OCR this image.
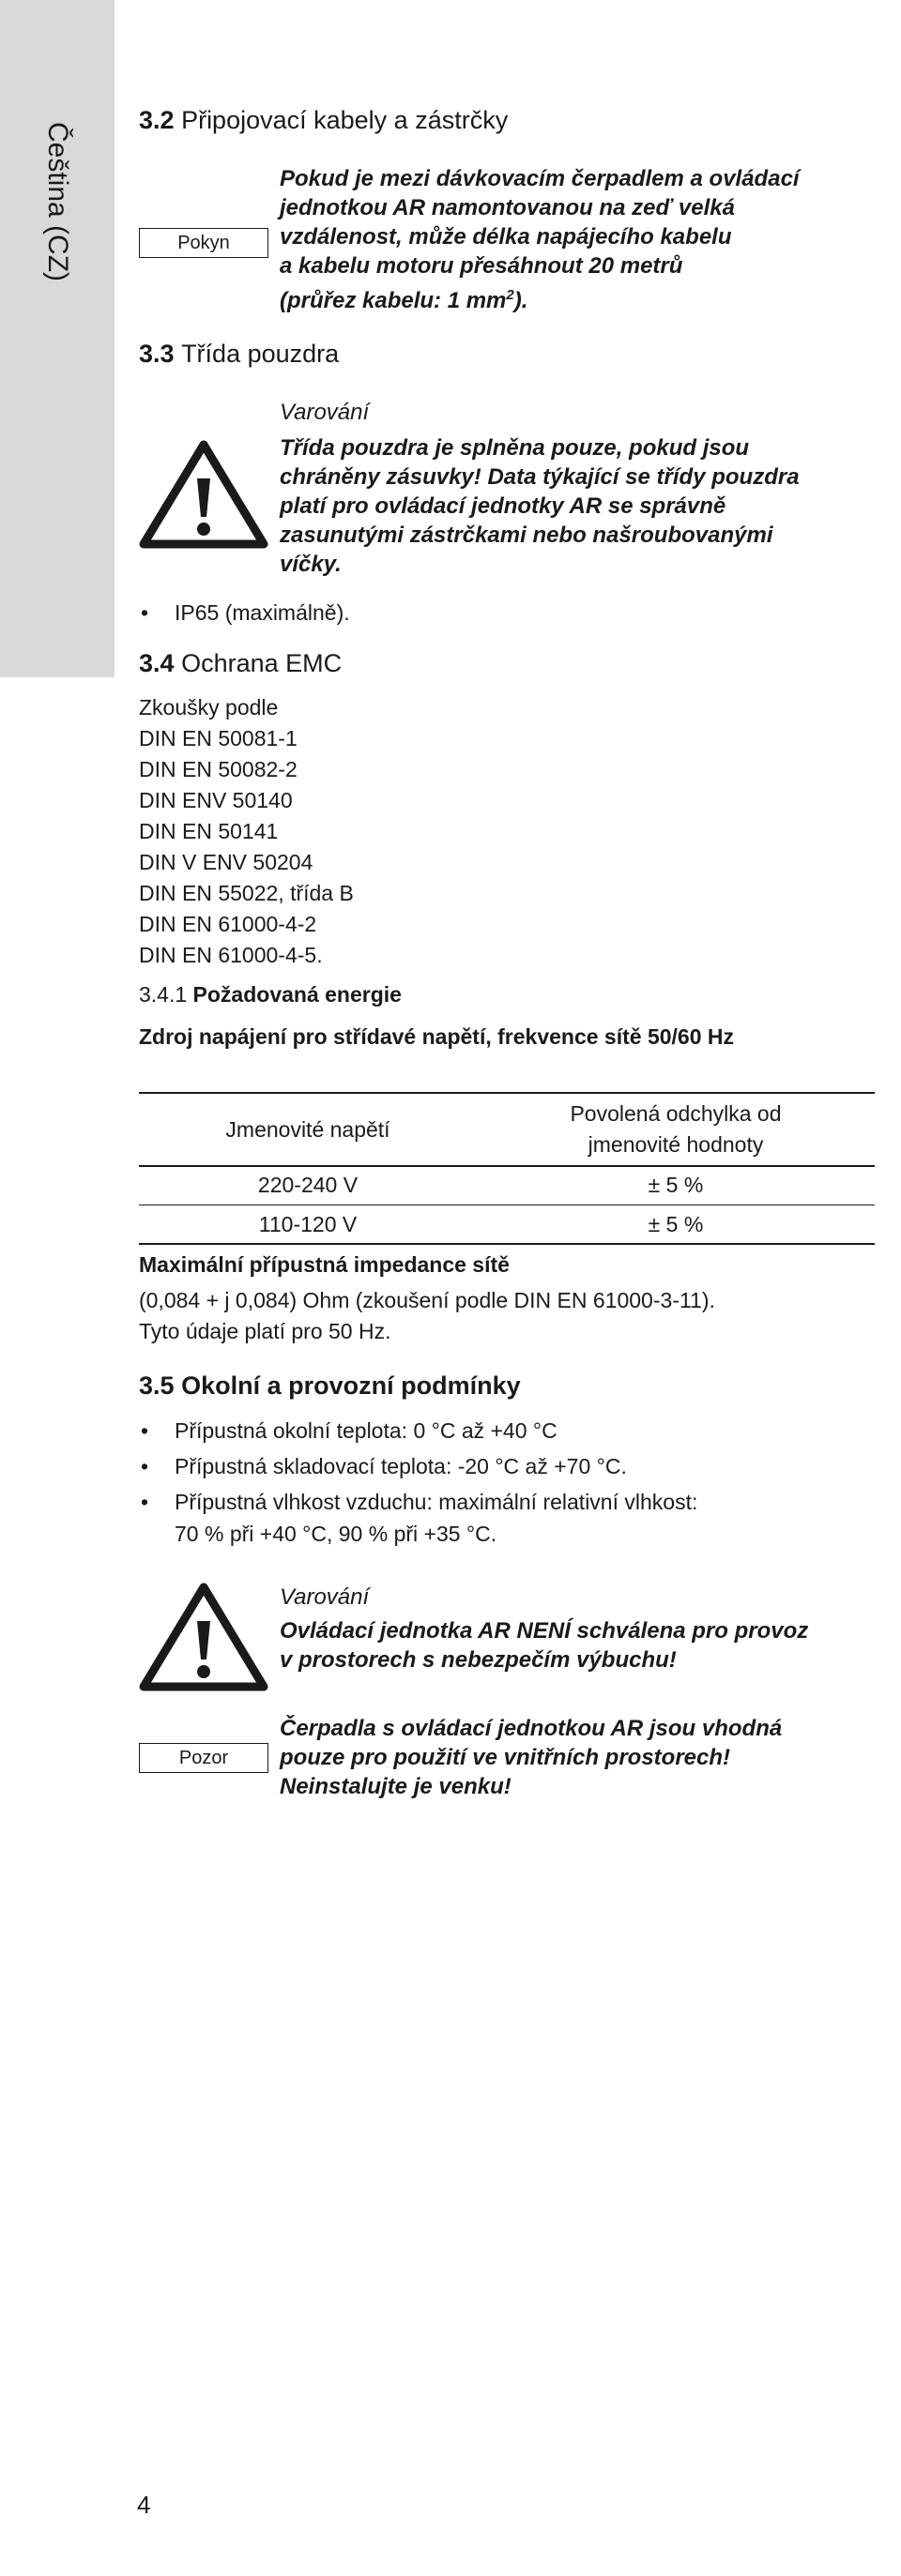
Čeština (CZ)
3.2 Připojovací kabely a zástrčky
Pokyn
Pokud je mezi dávkovacím čerpadlem a ovládací
jednotkou AR namontovanou na zeď velká
vzdálenost, může délka napájecího kabelu
a kabelu motoru přesáhnout 20 metrů
(průřez kabelu: 1 $mm^2$).
3.3 Třída pouzdra
Varování
Třída pouzdra je splněna pouze, pokud jsou
chráněny zásuvky! Data týkající se třídy pouzdra
platí pro ovládací jednotky AR se správně
zasunutými zástrčkami nebo našroubovanými
víčky.
• IP65 (maximálně).
3.4 Ochrana EMC
Zkoušky podle
DIN EN 50081-1
DIN EN 50082-2
DIN ENV 50140
DIN EN 50141
DIN V ENV 50204
DIN EN 55022, třída B
DIN EN 61000-4-2
DIN EN 61000-4-5.
3.4.1 Požadovaná energie
Zdroj napájení pro střídavé napětí, frekvence sítě 50/60 Hz
Jmenovité napětí
Povolená odchylka od
jmenovité hodnoty
220-240 V	± 5 %
110-120 V	± 5 %
Maximální přípustná impedance sítě
(0,084 + j 0,084) Ohm (zkoušení podle DIN EN 61000-3-11).
Tyto údaje platí pro 50 Hz.
3.5 Okolní a provozní podmínky
• Přípustná okolní teplota: 0 °C až +40 °C
• Přípustná skladovací teplota: -20 °C až +70 °C.
• Přípustná vlhkost vzduchu: maximální relativní vlhkost:
70 % při +40 °C, 90 % při +35 °C.
Varování
Ovládací jednotka AR NENÍ schválena pro provoz
v prostorech s nebezpečím výbuchu!
Pozor
Čerpadla s ovládací jednotkou AR jsou vhodná
pouze pro použití ve vnitřních prostorech!
Neinstalujte je venku!
4
